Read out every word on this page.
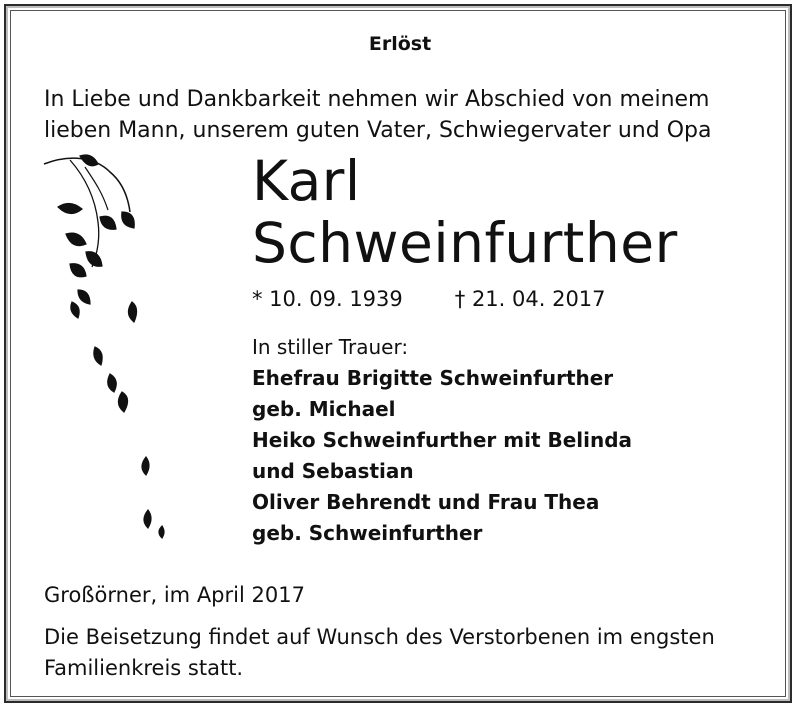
Erlöst
In Liebe und Dankbarkeit nehmen wir Abschied von meinem
lieben Mann, unserem guten Vater, Schwiegervater und Opa
Karl
Schweinfurther
* 10. 09. 1939 † 21. 04. 2017
In stiller Trauer:
Ehefrau Brigitte Schweinfurther
geb. Michael
Heiko Schweinfurther mit Belinda
und Sebastian
Oliver Behrendt und Frau Thea
geb. Schweinfurther
Großörner, im April 2017
Die Beisetzung findet auf Wunsch des Verstorbenen im engsten Familienkreis statt.
